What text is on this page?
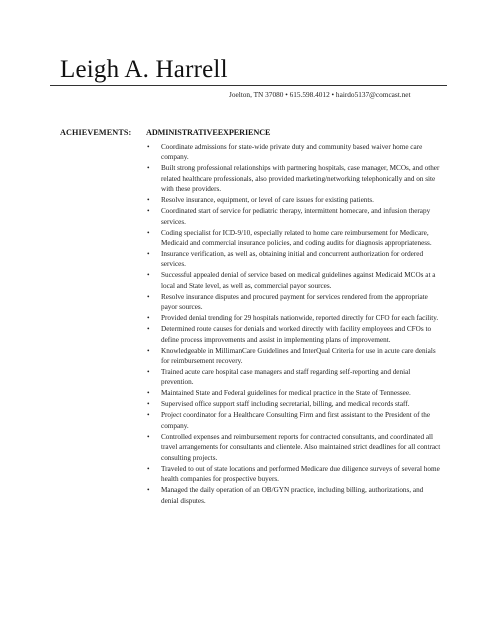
Leigh A. Harrell
Joelton, TN 37080 • 615.598.4012 • hairdo5137@comcast.net
ACHIEVEMENTS: ADMINISTRATIVEEXPERIENCE
• Coordinate admissions for state-wide private duty and community based waiver home care company.
• Built strong professional relationships with partnering hospitals, case manager, MCOs, and other related healthcare professionals, also provided marketing/networking telephonically and on site with these providers.
• Resolve insurance, equipment, or level of care issues for existing patients.
• Coordinated start of service for pediatric therapy, intermittent homecare, and infusion therapy services.
• Coding specialist for ICD-9/10, especially related to home care reimbursement for Medicare, Medicaid and commercial insurance policies, and coding audits for diagnosis appropriateness.
• Insurance verification, as well as, obtaining initial and concurrent authorization for ordered services.
• Successful appealed denial of service based on medical guidelines against Medicaid MCOs at a local and State level, as well as, commercial payor sources.
• Resolve insurance disputes and procured payment for services rendered from the appropriate payor sources.
• Provided denial trending for 29 hospitals nationwide, reported directly for CFO for each facility.
• Determined route causes for denials and worked directly with facility employees and CFOs to define process improvements and assist in implementing plans of improvement.
• Knowledgeable in MillimanCare Guidelines and InterQual Criteria for use in acute care denials for reimbursement recovery.
• Trained acute care hospital case managers and staff regarding self-reporting and denial prevention.
• Maintained State and Federal guidelines for medical practice in the State of Tennessee.
• Supervised office support staff including secretarial, billing, and medical records staff.
• Project coordinator for a Healthcare Consulting Firm and first assistant to the President of the company.
• Controlled expenses and reimbursement reports for contracted consultants, and coordinated all travel arrangements for consultants and clientele. Also maintained strict deadlines for all contract consulting projects.
• Traveled to out of state locations and performed Medicare due diligence surveys of several home health companies for prospective buyers.
• Managed the daily operation of an OB/GYN practice, including billing, authorizations, and denial disputes.
